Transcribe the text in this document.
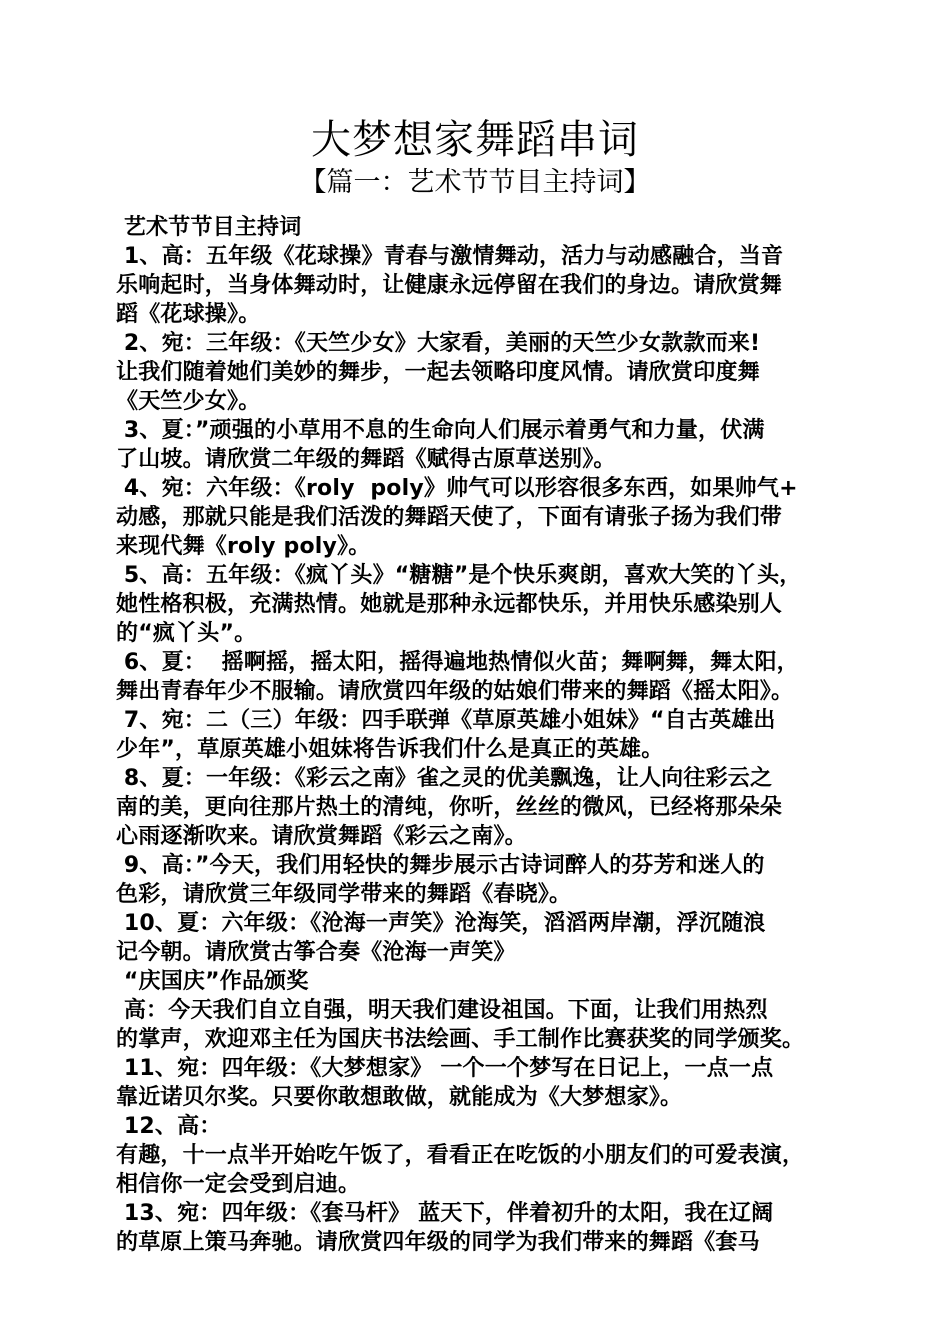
大梦想家舞蹈串词
【篇一：艺术节节目主持词】
艺术节节目主持词
1、高：五年级《花球操》青春与激情舞动，活力与动感融合，当音
乐响起时，当身体舞动时，让健康永远停留在我们的身边。请欣赏舞
蹈《花球操》。
2、宛：三年级：《天竺少女》大家看，美丽的天竺少女款款而来!
让我们随着她们美妙的舞步，一起去领略印度风情。请欣赏印度舞
《天竺少女》。
3、夏：”顽强的小草用不息的生命向人们展示着勇气和力量，伏满
了山坡。请欣赏二年级的舞蹈《赋得古原草送别》。
4、宛：六年级：《roly  poly》帅气可以形容很多东西，如果帅气+
动感，那就只能是我们活泼的舞蹈天使了，下面有请张子扬为我们带
来现代舞《roly poly》。
5、高：五年级：《疯丫头》“糖糖”是个快乐爽朗，喜欢大笑的丫头，
她性格积极，充满热情。她就是那种永远都快乐，并用快乐感染别人
的“疯丫头”。
6、夏：  摇啊摇，摇太阳，摇得遍地热情似火苗；舞啊舞，舞太阳，
舞出青春年少不服输。请欣赏四年级的姑娘们带来的舞蹈《摇太阳》。
7、宛：二（三）年级：四手联弹《草原英雄小姐妹》“自古英雄出
少年”，草原英雄小姐妹将告诉我们什么是真正的英雄。
8、夏：一年级：《彩云之南》雀之灵的优美飘逸，让人向往彩云之
南的美，更向往那片热土的清纯，你听，丝丝的微风，已经将那朵朵
心雨逐渐吹来。请欣赏舞蹈《彩云之南》。
9、高：”今天，我们用轻快的舞步展示古诗词醉人的芬芳和迷人的
色彩，请欣赏三年级同学带来的舞蹈《春晓》。
10、夏：六年级：《沧海一声笑》沧海笑，滔滔两岸潮，浮沉随浪
记今朝。请欣赏古筝合奏《沧海一声笑》
“庆国庆”作品颁奖
高：今天我们自立自强，明天我们建设祖国。下面，让我们用热烈
的掌声，欢迎邓主任为国庆书法绘画、手工制作比赛获奖的同学颁奖。
11、宛：四年级：《大梦想家》 一个一个梦写在日记上，一点一点
靠近诺贝尔奖。只要你敢想敢做，就能成为《大梦想家》。
12、高：
有趣，十一点半开始吃午饭了，看看正在吃饭的小朋友们的可爱表演，
相信你一定会受到启迪。
13、宛：四年级：《套马杆》 蓝天下，伴着初升的太阳，我在辽阔
的草原上策马奔驰。请欣赏四年级的同学为我们带来的舞蹈《套马
